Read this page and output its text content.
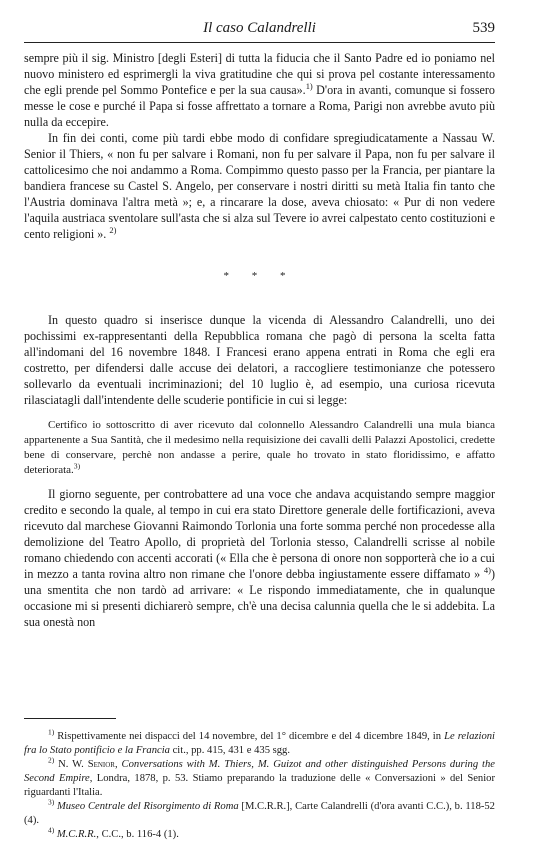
Il caso Calandrelli	539

sempre più il sig. Ministro [degli Esteri] di tutta la fiducia che il Santo Padre ed io poniamo nel nuovo ministero ed esprimergli la viva gratitudine che qui si prova pel costante interessamento che egli prende pel Sommo Pontefice e per la sua causa».$^{1)}$ D'ora in avanti, comunque si fossero messe le cose e purché il Papa si fosse affrettato a tornare a Roma, Parigi non avrebbe avuto più nulla da eccepire.

In fin dei conti, come più tardi ebbe modo di confidare spregiudicatamente a Nassau W. Senior il Thiers, « non fu per salvare i Romani, non fu per salvare il Papa, non fu per salvare il cattolicesimo che noi andammo a Roma. Compimmo questo passo per la Francia, per piantare la bandiera francese su Castel S. Angelo, per conservare i nostri diritti su metà Italia fin tanto che l'Austria dominava l'altra metà »; e, a rincarare la dose, aveva chiosato: « Pur di non vedere l'aquila austriaca sventolare sull'asta che si alza sul Tevere io avrei calpestato cento costituzioni e cento religioni ». $^{2)}$

* * *

In questo quadro si inserisce dunque la vicenda di Alessandro Calandrelli, uno dei pochissimi ex-rappresentanti della Repubblica romana che pagò di persona la scelta fatta all'indomani del 16 novembre 1848. I Francesi erano appena entrati in Roma che egli era costretto, per difendersi dalle accuse dei delatori, a raccogliere testimonianze che potessero sollevarlo da eventuali incriminazioni; del 10 luglio è, ad esempio, una curiosa ricevuta rilasciatagli dall'intendente delle scuderie pontificie in cui si legge:

Certifico io sottoscritto di aver ricevuto dal colonnello Alessandro Calandrelli una mula bianca appartenente a Sua Santità, che il medesimo nella requisizione dei cavalli delli Palazzi Apostolici, credette bene di conservare, perchè non andasse a perire, quale ho trovato in stato floridissimo, e affatto deteriorata.$^{3)}$

Il giorno seguente, per controbattere ad una voce che andava acquistando sempre maggior credito e secondo la quale, al tempo in cui era stato Direttore generale delle fortificazioni, aveva ricevuto dal marchese Giovanni Raimondo Torlonia una forte somma perché non procedesse alla demolizione del Teatro Apollo, di proprietà del Torlonia stesso, Calandrelli scrisse al nobile romano chiedendo con accenti accorati (« Ella che è persona di onore non sopporterà che io a cui in mezzo a tanta rovina altro non rimane che l'onore debba ingiustamente essere diffamato » $^{4)}$) una smentita che non tardò ad arrivare: « Le rispondo immediatamente, che in qualunque occasione mi si presenti dichiarerò sempre, ch'è una decisa calunnia quella che le si addebita. La sua onestà non

$^{1)}$ Rispettivamente nei dispacci del 14 novembre, del 1° dicembre e del 4 dicembre 1849, in Le relazioni fra lo Stato pontificio e la Francia cit., pp. 415, 431 e 435 sgg.

$^{2)}$ N. W. Senior, Conversations with M. Thiers, M. Guizot and other distinguished Persons during the Second Empire, Londra, 1878, p. 53. Stiamo preparando la traduzione delle « Conversazioni » del Senior riguardanti l'Italia.

$^{3)}$ Museo Centrale del Risorgimento di Roma [M.C.R.R.], Carte Calandrelli (d'ora avanti C.C.), b. 118-52 (4).

$^{4)}$ M.C.R.R., C.C., b. 116-4 (1).
